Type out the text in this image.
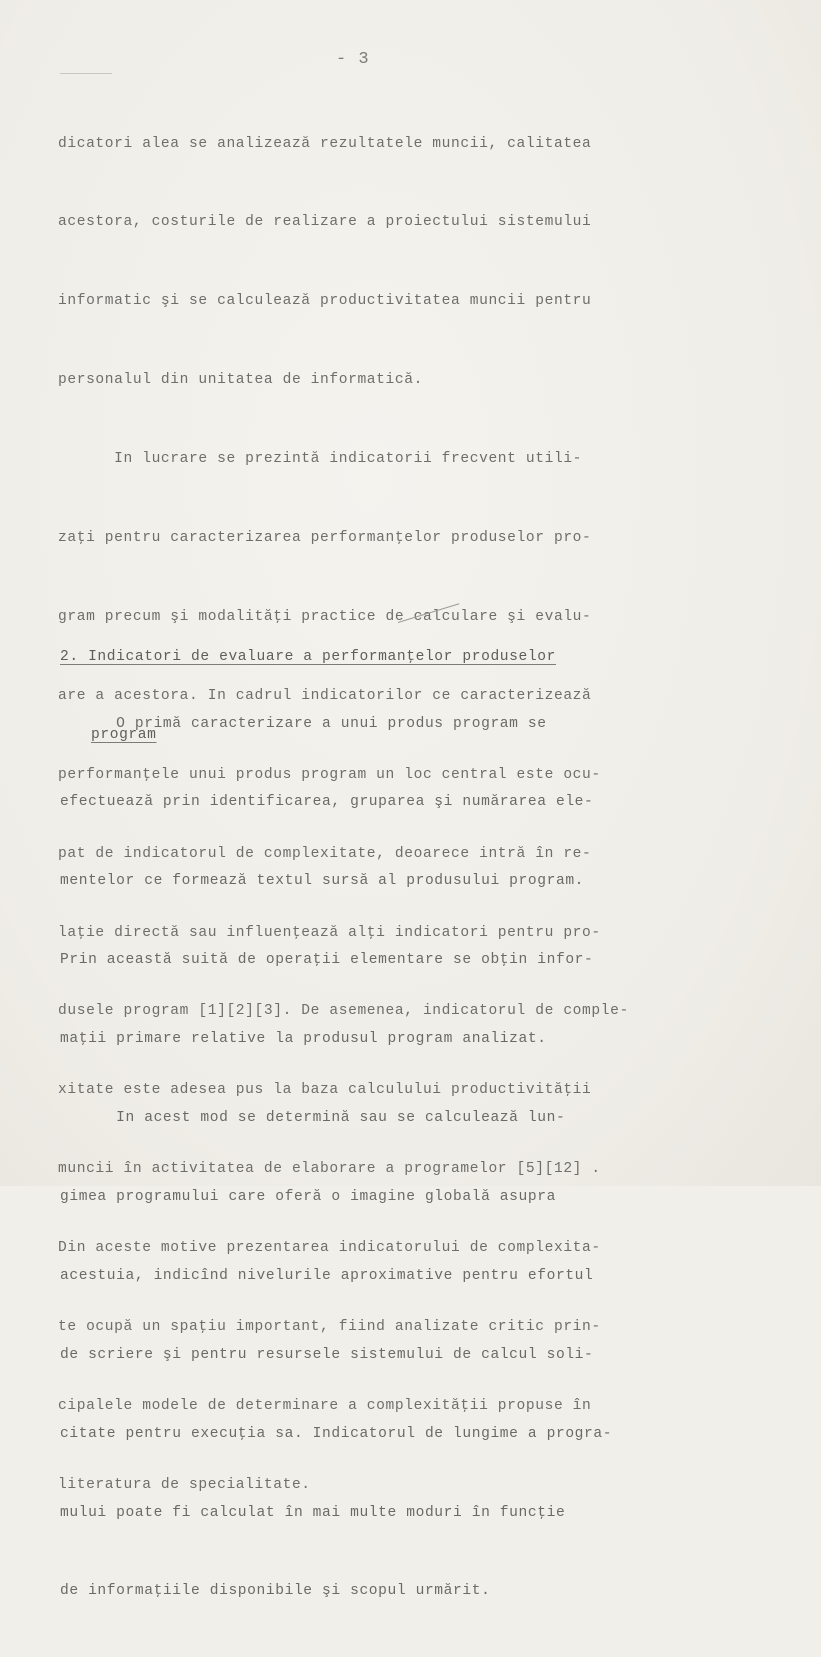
- 3

dicatori alea se analizează rezultatele muncii, calitatea

acestora, costurile de realizare a proiectului sistemului

informatic şi se calculează productivitatea muncii pentru

personalul din unitatea de informatică.

In lucrare se prezintă indicatorii frecvent utili-

zaţi pentru caracterizarea performanţelor produselor pro-

gram precum şi modalităţi practice de calculare şi evalu-

are a acestora. In cadrul indicatorilor ce caracterizează

performanţele unui produs program un loc central este ocu-

pat de indicatorul de complexitate, deoarece intră în re-

laţie directă sau influenţează alţi indicatori pentru pro-

dusele program [1][2][3]. De asemenea, indicatorul de comple-

xitate este adesea pus la baza calculului productivităţii

muncii în activitatea de elaborare a programelor [5][12] .

Din aceste motive prezentarea indicatorului de complexita-

te ocupă un spaţiu important, fiind analizate critic prin-

cipalele modele de determinare a complexităţii propuse în

literatura de specialitate.

2. Indicatori de evaluare a performanţelor produselor

program

O primă caracterizare a unui produs program se

efectuează prin identificarea, gruparea şi numărarea ele-

mentelor ce formează textul sursă al produsului program.

Prin această suită de operaţii elementare se obţin infor-

maţii primare relative la produsul program analizat.

In acest mod se determină sau se calculează lun-

gimea programului care oferă o imagine globală asupra

acestuia, indicînd nivelurile aproximative pentru efortul

de scriere şi pentru resursele sistemului de calcul soli-

citate pentru execuţia sa. Indicatorul de lungime a progra-

mului poate fi calculat în mai multe moduri în funcţie

de informaţiile disponibile şi scopul urmărit.
